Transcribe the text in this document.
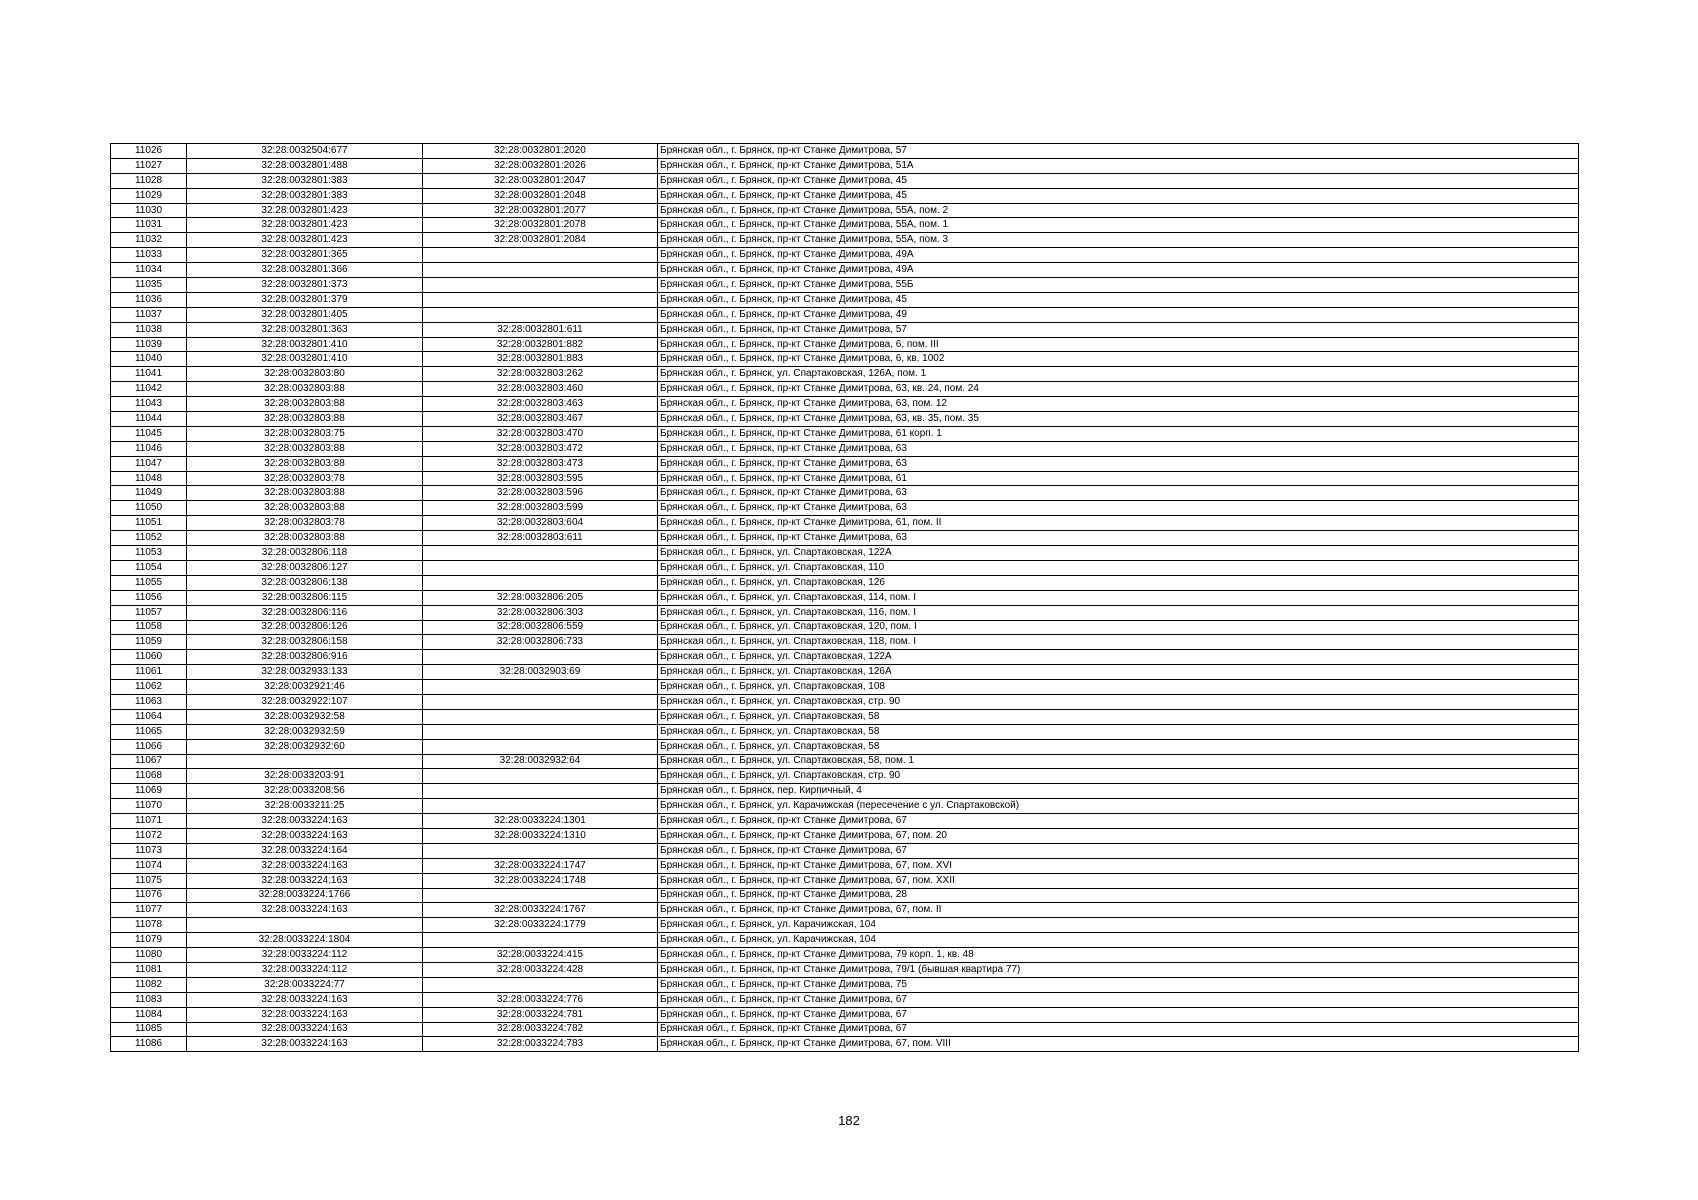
11026	32:28:0032504:677	32:28:0032801:2020	Брянская обл., г. Брянск, пр-кт Станке Димитрова, 57
11027	32:28:0032801:488	32:28:0032801:2026	Брянская обл., г. Брянск, пр-кт Станке Димитрова, 51А
11028	32:28:0032801:383	32:28:0032801:2047	Брянская обл., г. Брянск, пр-кт Станке Димитрова, 45
11029	32:28:0032801:383	32:28:0032801:2048	Брянская обл., г. Брянск, пр-кт Станке Димитрова, 45
11030	32:28:0032801:423	32:28:0032801:2077	Брянская обл., г. Брянск, пр-кт Станке Димитрова, 55А, пом. 2
11031	32:28:0032801:423	32:28:0032801:2078	Брянская обл., г. Брянск, пр-кт Станке Димитрова, 55А, пом. 1
11032	32:28:0032801:423	32:28:0032801:2084	Брянская обл., г. Брянск, пр-кт Станке Димитрова, 55А, пом. 3
11033	32:28:0032801:365		Брянская обл., г. Брянск, пр-кт Станке Димитрова, 49А
11034	32:28:0032801:366		Брянская обл., г. Брянск, пр-кт Станке Димитрова, 49А
11035	32:28:0032801:373		Брянская обл., г. Брянск, пр-кт Станке Димитрова, 55Б
11036	32:28:0032801:379		Брянская обл., г. Брянск, пр-кт Станке Димитрова, 45
11037	32:28:0032801:405		Брянская обл., г. Брянск, пр-кт Станке Димитрова, 49
11038	32:28:0032801:363	32:28:0032801:611	Брянская обл., г. Брянск, пр-кт Станке Димитрова, 57
11039	32:28:0032801:410	32:28:0032801:882	Брянская обл., г. Брянск, пр-кт Станке Димитрова, 6, пом. III
11040	32:28:0032801:410	32:28:0032801:883	Брянская обл., г. Брянск, пр-кт Станке Димитрова, 6, кв. 1002
11041	32:28:0032803:80	32:28:0032803:262	Брянская обл., г. Брянск, ул. Спартаковская, 126А, пом. 1
11042	32:28:0032803:88	32:28:0032803:460	Брянская обл., г. Брянск, пр-кт Станке Димитрова, 63, кв. 24, пом. 24
11043	32:28:0032803:88	32:28:0032803:463	Брянская обл., г. Брянск, пр-кт Станке Димитрова, 63, пом. 12
11044	32:28:0032803:88	32:28:0032803:467	Брянская обл., г. Брянск, пр-кт Станке Димитрова, 63, кв. 35, пом. 35
11045	32:28:0032803:75	32:28:0032803:470	Брянская обл., г. Брянск, пр-кт Станке Димитрова, 61 корп. 1
11046	32:28:0032803:88	32:28:0032803:472	Брянская обл., г. Брянск, пр-кт Станке Димитрова, 63
11047	32:28:0032803:88	32:28:0032803:473	Брянская обл., г. Брянск, пр-кт Станке Димитрова, 63
11048	32:28:0032803:78	32:28:0032803:595	Брянская обл., г. Брянск, пр-кт Станке Димитрова, 61
11049	32:28:0032803:88	32:28:0032803:596	Брянская обл., г. Брянск, пр-кт Станке Димитрова, 63
11050	32:28:0032803:88	32:28:0032803:599	Брянская обл., г. Брянск, пр-кт Станке Димитрова, 63
11051	32:28:0032803:78	32:28:0032803:604	Брянская обл., г. Брянск, пр-кт Станке Димитрова, 61, пом. II
11052	32:28:0032803:88	32:28:0032803:611	Брянская обл., г. Брянск, пр-кт Станке Димитрова, 63
11053	32:28:0032806:118		Брянская обл., г. Брянск, ул. Спартаковская, 122А
11054	32:28:0032806:127		Брянская обл., г. Брянск, ул. Спартаковская, 110
11055	32:28:0032806:138		Брянская обл., г. Брянск, ул. Спартаковская, 126
11056	32:28:0032806:115	32:28:0032806:205	Брянская обл., г. Брянск, ул. Спартаковская, 114, пом. I
11057	32:28:0032806:116	32:28:0032806:303	Брянская обл., г. Брянск, ул. Спартаковская, 116, пом. I
11058	32:28:0032806:126	32:28:0032806:559	Брянская обл., г. Брянск, ул. Спартаковская, 120, пом. I
11059	32:28:0032806:158	32:28:0032806:733	Брянская обл., г. Брянск, ул. Спартаковская, 118, пом. I
11060	32:28:0032806:916		Брянская обл., г. Брянск, ул. Спартаковская, 122А
11061	32:28:0032933:133	32:28:0032903:69	Брянская обл., г. Брянск, ул. Спартаковская, 126А
11062	32:28:0032921:46		Брянская обл., г. Брянск, ул. Спартаковская, 108
11063	32:28:0032922:107		Брянская обл., г. Брянск, ул. Спартаковская, стр. 90
11064	32:28:0032932:58		Брянская обл., г. Брянск, ул. Спартаковская, 58
11065	32:28:0032932:59		Брянская обл., г. Брянск, ул. Спартаковская, 58
11066	32:28:0032932:60		Брянская обл., г. Брянск, ул. Спартаковская, 58
11067		32:28:0032932:64	Брянская обл., г. Брянск, ул. Спартаковская, 58, пом. 1
11068	32:28:0033203:91		Брянская обл., г. Брянск, ул. Спартаковская, стр. 90
11069	32:28:0033208:56		Брянская обл., г. Брянск, пер. Кирпичный, 4
11070	32:28:0033211:25		Брянская обл., г. Брянск, ул. Карачижская (пересечение с ул. Спартаковской)
11071	32:28:0033224:163	32:28:0033224:1301	Брянская обл., г. Брянск, пр-кт Станке Димитрова, 67
11072	32:28:0033224:163	32:28:0033224:1310	Брянская обл., г. Брянск, пр-кт Станке Димитрова, 67, пом. 20
11073	32:28:0033224:164		Брянская обл., г. Брянск, пр-кт Станке Димитрова, 67
11074	32:28:0033224:163	32:28:0033224:1747	Брянская обл., г. Брянск, пр-кт Станке Димитрова, 67, пом. XVI
11075	32:28:0033224:163	32:28:0033224:1748	Брянская обл., г. Брянск, пр-кт Станке Димитрова, 67, пом. XXII
11076	32:28:0033224:1766		Брянская обл., г. Брянск, пр-кт Станке Димитрова, 28
11077	32:28:0033224:163	32:28:0033224:1767	Брянская обл., г. Брянск, пр-кт Станке Димитрова, 67, пом. II
11078		32:28:0033224:1779	Брянская обл., г. Брянск, ул. Карачижская, 104
11079	32:28:0033224:1804		Брянская обл., г. Брянск, ул. Карачижская, 104
11080	32:28:0033224:112	32:28:0033224:415	Брянская обл., г. Брянск, пр-кт Станке Димитрова, 79 корп. 1, кв. 48
11081	32:28:0033224:112	32:28:0033224:428	Брянская обл., г. Брянск, пр-кт Станке Димитрова, 79/1 (бывшая квартира 77)
11082	32:28:0033224:77		Брянская обл., г. Брянск, пр-кт Станке Димитрова, 75
11083	32:28:0033224:163	32:28:0033224:776	Брянская обл., г. Брянск, пр-кт Станке Димитрова, 67
11084	32:28:0033224:163	32:28:0033224:781	Брянская обл., г. Брянск, пр-кт Станке Димитрова, 67
11085	32:28:0033224:163	32:28:0033224:782	Брянская обл., г. Брянск, пр-кт Станке Димитрова, 67
11086	32:28:0033224:163	32:28:0033224:783	Брянская обл., г. Брянск, пр-кт Станке Димитрова, 67, пом. VIII
182
